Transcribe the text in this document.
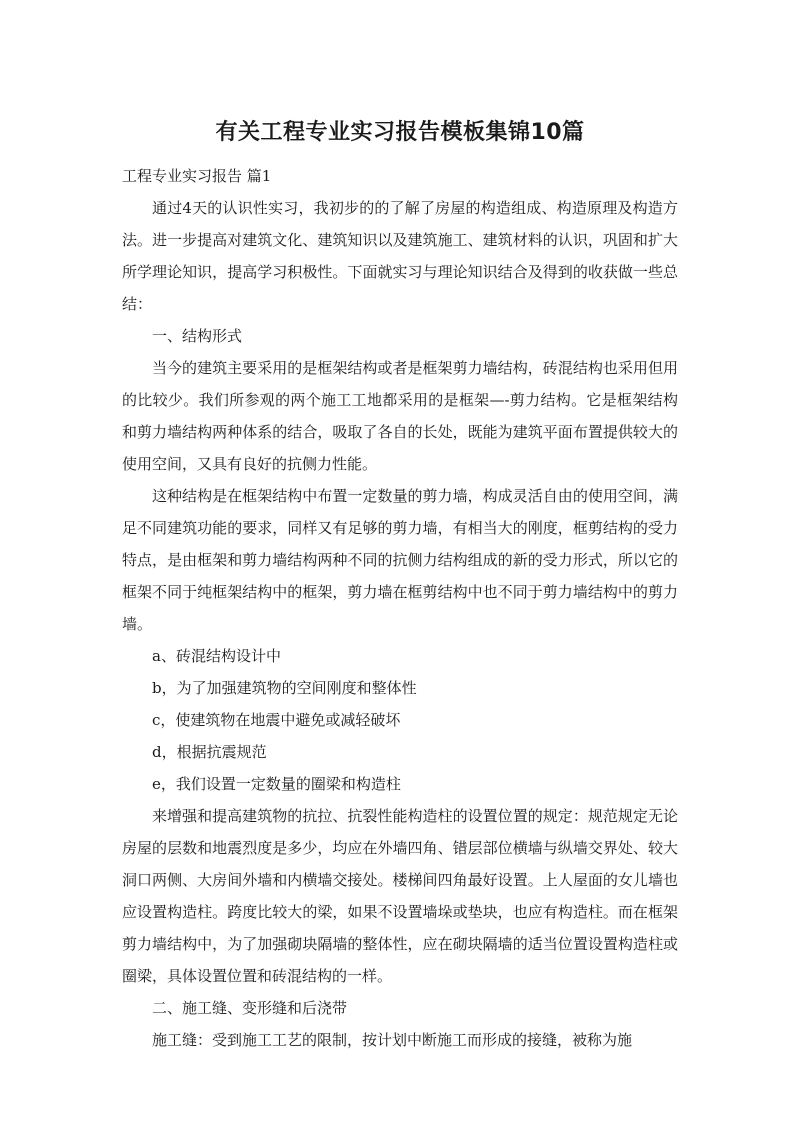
有关工程专业实习报告模板集锦10篇

工程专业实习报告 篇1

通过4天的认识性实习，我初步的的了解了房屋的构造组成、构造原理及构造方法。进一步提高对建筑文化、建筑知识以及建筑施工、建筑材料的认识，巩固和扩大所学理论知识，提高学习积极性。下面就实习与理论知识结合及得到的收获做一些总结：

一、结构形式

当今的建筑主要采用的是框架结构或者是框架剪力墙结构，砖混结构也采用但用的比较少。我们所参观的两个施工工地都采用的是框架—-剪力结构。它是框架结构和剪力墙结构两种体系的结合，吸取了各自的长处，既能为建筑平面布置提供较大的使用空间，又具有良好的抗侧力性能。

这种结构是在框架结构中布置一定数量的剪力墙，构成灵活自由的使用空间，满足不同建筑功能的要求，同样又有足够的剪力墙，有相当大的刚度，框剪结构的受力特点，是由框架和剪力墙结构两种不同的抗侧力结构组成的新的受力形式，所以它的框架不同于纯框架结构中的框架，剪力墙在框剪结构中也不同于剪力墙结构中的剪力墙。

a、砖混结构设计中

b，为了加强建筑物的空间刚度和整体性

c，使建筑物在地震中避免或减轻破坏

d，根据抗震规范

e，我们设置一定数量的圈梁和构造柱

来增强和提高建筑物的抗拉、抗裂性能构造柱的设置位置的规定：规范规定无论房屋的层数和地震烈度是多少，均应在外墙四角、错层部位横墙与纵墙交界处、较大洞口两侧、大房间外墙和内横墙交接处。楼梯间四角最好设置。上人屋面的女儿墙也应设置构造柱。跨度比较大的梁，如果不设置墙垛或垫块，也应有构造柱。而在框架剪力墙结构中，为了加强砌块隔墙的整体性，应在砌块隔墙的适当位置设置构造柱或圈梁，具体设置位置和砖混结构的一样。

二、施工缝、变形缝和后浇带

施工缝：受到施工工艺的限制，按计划中断施工而形成的接缝，被称为施
